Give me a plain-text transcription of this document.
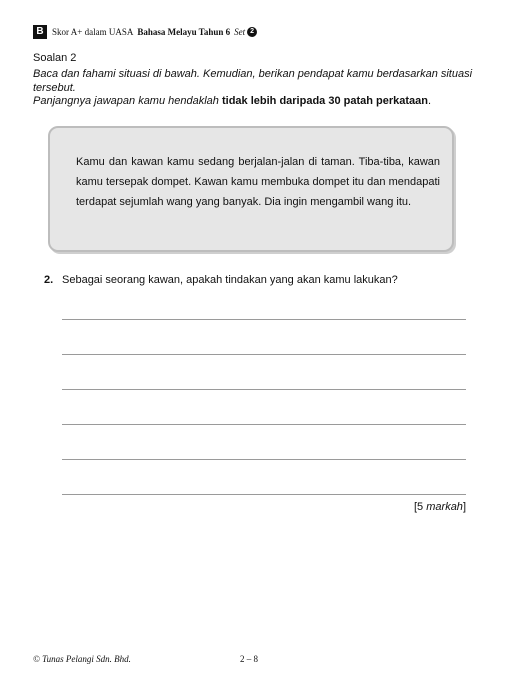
B Skor A+ dalam UASA Bahasa Melayu Tahun 6 Set 2
Soalan 2
Baca dan fahami situasi di bawah. Kemudian, berikan pendapat kamu berdasarkan situasi tersebut.
Panjangnya jawapan kamu hendaklah tidak lebih daripada 30 patah perkataan.
Kamu dan kawan kamu sedang berjalan-jalan di taman. Tiba-tiba, kawan kamu tersepak dompet. Kawan kamu membuka dompet itu dan mendapati terdapat sejumlah wang yang banyak. Dia ingin mengambil wang itu.
2. Sebagai seorang kawan, apakah tindakan yang akan kamu lakukan?
[5 markah]
© Tunas Pelangi Sdn. Bhd.	2 – 8
